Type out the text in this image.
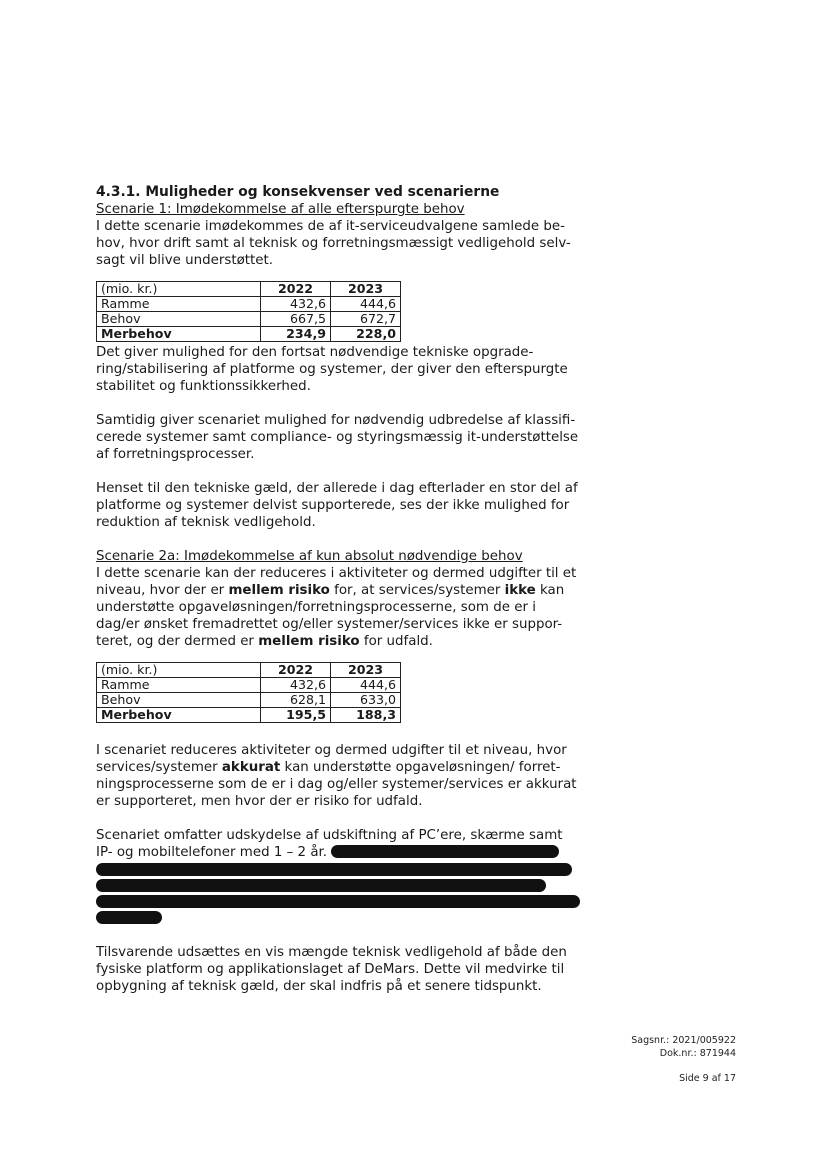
4.3.1. Muligheder og konsekvenser ved scenarierne

Scenarie 1: Imødekommelse af alle efterspurgte behov

I dette scenarie imødekommes de af it-serviceudvalgene samlede be-
hov, hvor drift samt al teknisk og forretningsmæssigt vedligehold selv-
sagt vil blive understøttet.

(mio. kr.)	2022	2023
Ramme	432,6	444,6
Behov	667,5	672,7
Merbehov	234,9	228,0

Det giver mulighed for den fortsat nødvendige tekniske opgrade-
ring/stabilisering af platforme og systemer, der giver den efterspurgte
stabilitet og funktionssikkerhed.

Samtidig giver scenariet mulighed for nødvendig udbredelse af klassifi-
cerede systemer samt compliance- og styringsmæssig it-understøttelse
af forretningsprocesser.

Henset til den tekniske gæld, der allerede i dag efterlader en stor del af
platforme og systemer delvist supporterede, ses der ikke mulighed for
reduktion af teknisk vedligehold.

Scenarie 2a: Imødekommelse af kun absolut nødvendige behov

I dette scenarie kan der reduceres i aktiviteter og dermed udgifter til et
niveau, hvor der er mellem risiko for, at services/systemer ikke kan
understøtte opgaveløsningen/forretningsprocesserne, som de er i
dag/er ønsket fremadrettet og/eller systemer/services ikke er suppor-
teret, og der dermed er mellem risiko for udfald.

(mio. kr.)	2022	2023
Ramme	432,6	444,6
Behov	628,1	633,0
Merbehov	195,5	188,3

I scenariet reduceres aktiviteter og dermed udgifter til et niveau, hvor
services/systemer akkurat kan understøtte opgaveløsningen/ forret-
ningsprocesserne som de er i dag og/eller systemer/services er akkurat
er supporteret, men hvor der er risiko for udfald.

Scenariet omfatter udskydelse af udskiftning af PC’ere, skærme samt
IP- og mobiltelefoner med 1 – 2 år.

Tilsvarende udsættes en vis mængde teknisk vedligehold af både den
fysiske platform og applikationslaget af DeMars. Dette vil medvirke til
opbygning af teknisk gæld, der skal indfris på et senere tidspunkt.

Sagsnr.: 2021/005922
Dok.nr.: 871944
Side 9 af 17
